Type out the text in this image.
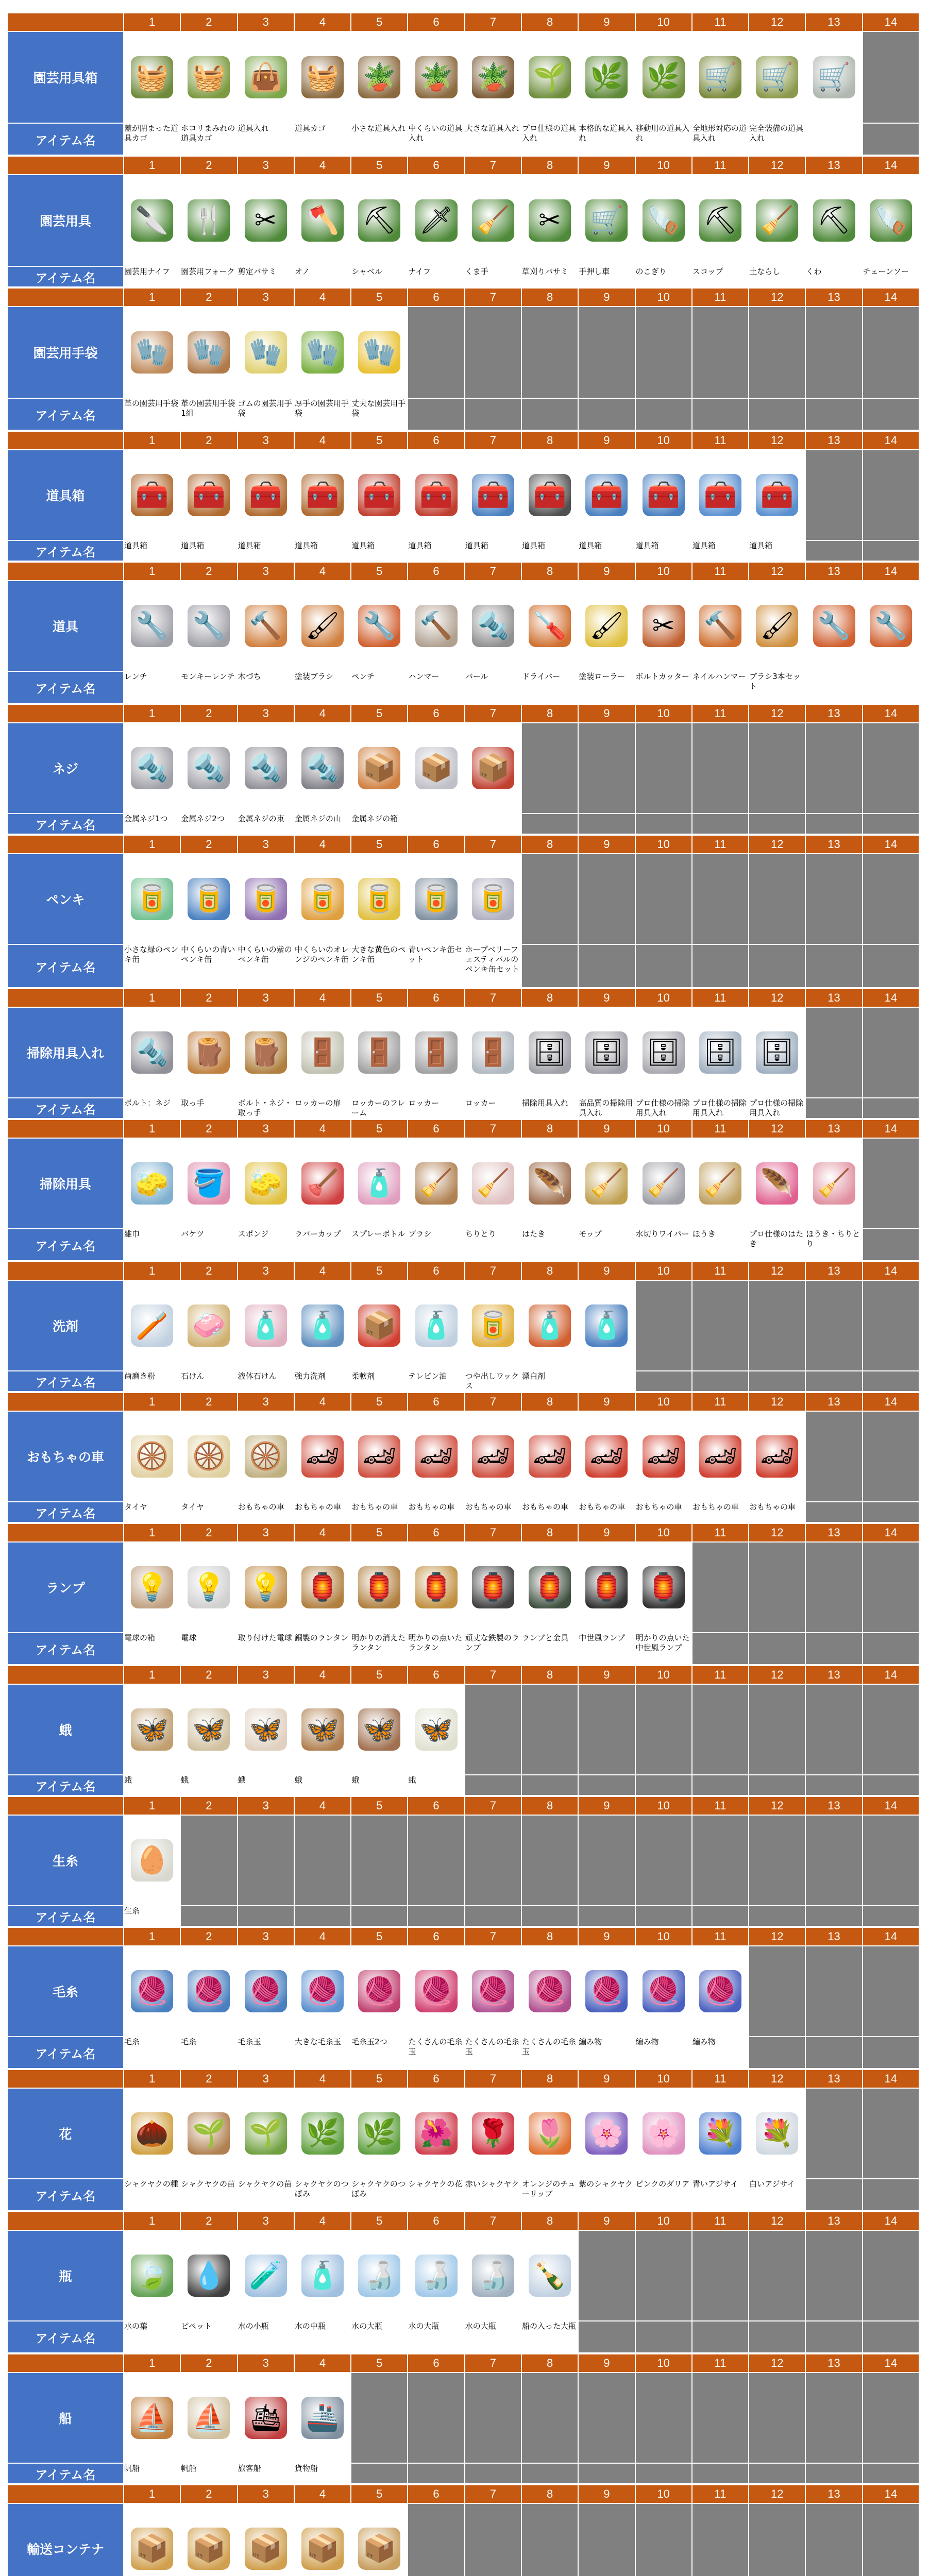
	1	2	3	4	5	6	7	8	9	10	11	12	13	14
園芸用具箱	🧺	🧺	👜	🧺	🪴	🪴	🪴	🌱	🌿	🌿	🛒	🛒	🛒	
アイテム名	蓋が閉まった道具カゴ	ホコリまみれの道具カゴ	道具入れ	道具カゴ	小さな道具入れ	中くらいの道具入れ	大きな道具入れ	プロ仕様の道具入れ	本格的な道具入れ	移動用の道具入れ	全地形対応の道具入れ	完全装備の道具入れ		
	1	2	3	4	5	6	7	8	9	10	11	12	13	14
園芸用具	🔪	🍴	✂	🪓	⛏	🗡	🧹	✂	🛒	🪚	⛏	🧹	⛏	🪚
アイテム名	園芸用ナイフ	園芸用フォーク	剪定バサミ	オノ	シャベル	ナイフ	くま手	草刈りバサミ	手押し車	のこぎり	スコップ	土ならし	くわ	チェーンソー
	1	2	3	4	5	6	7	8	9	10	11	12	13	14
園芸用手袋	🧤	🧤	🧤	🧤	🧤									
アイテム名	革の園芸用手袋	革の園芸用手袋1組	ゴムの園芸用手袋	厚手の園芸用手袋	丈夫な園芸用手袋									
	1	2	3	4	5	6	7	8	9	10	11	12	13	14
道具箱	🧰	🧰	🧰	🧰	🧰	🧰	🧰	🧰	🧰	🧰	🧰	🧰		
アイテム名	道具箱	道具箱	道具箱	道具箱	道具箱	道具箱	道具箱	道具箱	道具箱	道具箱	道具箱	道具箱		
	1	2	3	4	5	6	7	8	9	10	11	12	13	14
道具	🔧	🔧	🔨	🖌	🔧	🔨	🔩	🪛	🖌	✂	🔨	🖌	🔧	🔧
アイテム名	レンチ	モンキーレンチ	木づち	塗装ブラシ	ペンチ	ハンマー	バール	ドライバー	塗装ローラー	ボルトカッター	ネイルハンマー	ブラシ3本セット		
	1	2	3	4	5	6	7	8	9	10	11	12	13	14
ネジ	🔩	🔩	🔩	🔩	📦	📦	📦							
アイテム名	金属ネジ1つ	金属ネジ2つ	金属ネジの束	金属ネジの山	金属ネジの箱									
	1	2	3	4	5	6	7	8	9	10	11	12	13	14
ペンキ	🥫	🥫	🥫	🥫	🥫	🥫	🥫							
アイテム名	小さな緑のペンキ缶	中くらいの青いペンキ缶	中くらいの紫のペンキ缶	中くらいのオレンジのペンキ缶	大きな黄色のペンキ缶	青いペンキ缶セット	ホープベリーフェスティバルのペンキ缶セット							
	1	2	3	4	5	6	7	8	9	10	11	12	13	14
掃除用具入れ	🔩	🪵	🪵	🚪	🚪	🚪	🚪	🗄	🗄	🗄	🗄	🗄		
アイテム名	ボルト：ネジ	取っ手	ボルト・ネジ・取っ手	ロッカーの扉	ロッカーのフレーム	ロッカー	ロッカー	掃除用具入れ	高品質の掃除用具入れ	プロ仕様の掃除用具入れ	プロ仕様の掃除用具入れ	プロ仕様の掃除用具入れ		
	1	2	3	4	5	6	7	8	9	10	11	12	13	14
掃除用具	🧽	🪣	🧽	🪠	🧴	🧹	🧹	🪶	🧹	🧹	🧹	🪶	🧹	
アイテム名	雑巾	バケツ	スポンジ	ラバーカップ	スプレーボトル	ブラシ	ちりとり	はたき	モップ	水切りワイパー	ほうき	プロ仕様のはたき	ほうき・ちりとり	
	1	2	3	4	5	6	7	8	9	10	11	12	13	14
洗剤	🪥	🧼	🧴	🧴	📦	🧴	🥫	🧴	🧴					
アイテム名	歯磨き粉	石けん	液体石けん	強力洗剤	柔軟剤	テレピン油	つや出しワックス	漂白剤						
	1	2	3	4	5	6	7	8	9	10	11	12	13	14
おもちゃの車	🛞	🛞	🛞	🏎	🏎	🏎	🏎	🏎	🏎	🏎	🏎	🏎		
アイテム名	タイヤ	タイヤ	おもちゃの車	おもちゃの車	おもちゃの車	おもちゃの車	おもちゃの車	おもちゃの車	おもちゃの車	おもちゃの車	おもちゃの車	おもちゃの車		
	1	2	3	4	5	6	7	8	9	10	11	12	13	14
ランプ	💡	💡	💡	🏮	🏮	🏮	🏮	🏮	🏮	🏮				
アイテム名	電球の箱	電球	取り付けた電球	銅製のランタン	明かりの消えたランタン	明かりの点いたランタン	頑丈な鉄製のランプ	ランプと金具	中世風ランプ	明かりの点いた中世風ランプ				
	1	2	3	4	5	6	7	8	9	10	11	12	13	14
蛾	🦋	🦋	🦋	🦋	🦋	🦋								
アイテム名	蛾	蛾	蛾	蛾	蛾	蛾								
	1	2	3	4	5	6	7	8	9	10	11	12	13	14
生糸	🥚													
アイテム名	生糸													
	1	2	3	4	5	6	7	8	9	10	11	12	13	14
毛糸	🧶	🧶	🧶	🧶	🧶	🧶	🧶	🧶	🧶	🧶	🧶			
アイテム名	毛糸	毛糸	毛糸玉	大きな毛糸玉	毛糸玉2つ	たくさんの毛糸玉	たくさんの毛糸玉	たくさんの毛糸玉	編み物	編み物	編み物			
	1	2	3	4	5	6	7	8	9	10	11	12	13	14
花	🌰	🌱	🌱	🌿	🌿	🌺	🌹	🌷	🌸	🌸	💐	💐		
アイテム名	シャクヤクの種	シャクヤクの苗	シャクヤクの苗	シャクヤクのつぼみ	シャクヤクのつぼみ	シャクヤクの花	赤いシャクヤク	オレンジのチューリップ	紫のシャクヤク	ピンクのダリア	青いアジサイ	白いアジサイ		
	1	2	3	4	5	6	7	8	9	10	11	12	13	14
瓶	🍃	💧	🧪	🧴	🍶	🍶	🍶	🍾						
アイテム名	水の葉	ピペット	水の小瓶	水の中瓶	水の大瓶	水の大瓶	水の大瓶	船の入った大瓶						
	1	2	3	4	5	6	7	8	9	10	11	12	13	14
船	⛵	⛵	🛳	🚢										
アイテム名	帆船	帆船	旅客船	貨物船										
	1	2	3	4	5	6	7	8	9	10	11	12	13	14
輸送コンテナ	📦	📦	📦	📦	📦									
